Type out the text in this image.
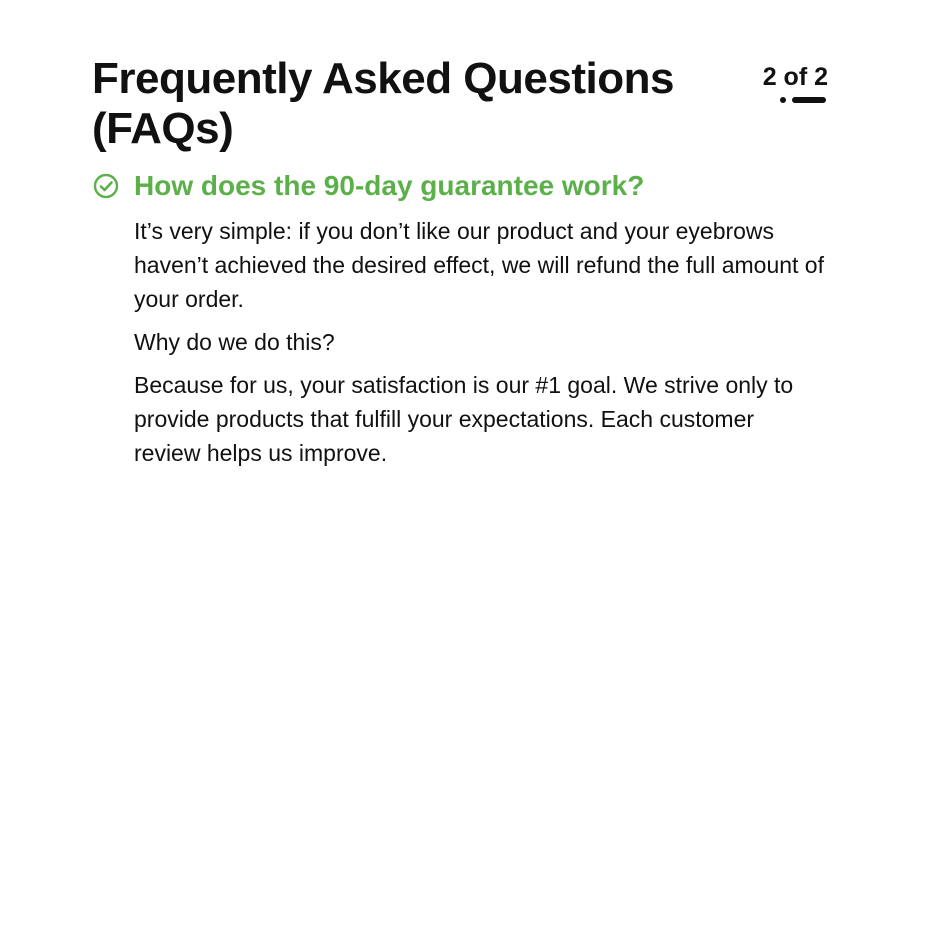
Frequently Asked Questions
(FAQs)
2 of 2
How does the 90-day guarantee work?

It’s very simple: if you don’t like our product and your eyebrows haven’t achieved the desired effect, we will refund the full amount of your order.

Why do we do this?

Because for us, your satisfaction is our #1 goal. We strive only to provide products that fulfill your expectations. Each customer review helps us improve.
